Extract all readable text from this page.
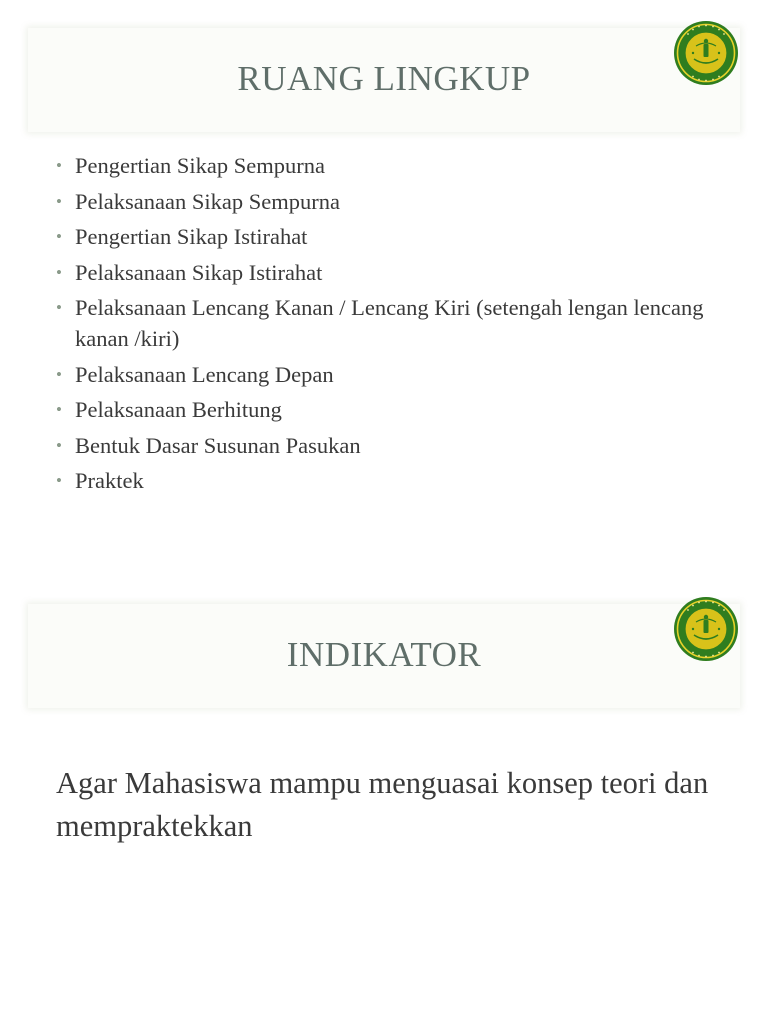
RUANG LINGKUP
• Pengertian Sikap Sempurna
• Pelaksanaan Sikap Sempurna
• Pengertian Sikap Istirahat
• Pelaksanaan Sikap Istirahat
• Pelaksanaan Lencang Kanan / Lencang Kiri (setengah lengan lencang kanan /kiri)
• Pelaksanaan Lencang Depan
• Pelaksanaan Berhitung
• Bentuk Dasar Susunan Pasukan
• Praktek
INDIKATOR

Agar Mahasiswa mampu menguasai konsep teori dan mempraktekkan
